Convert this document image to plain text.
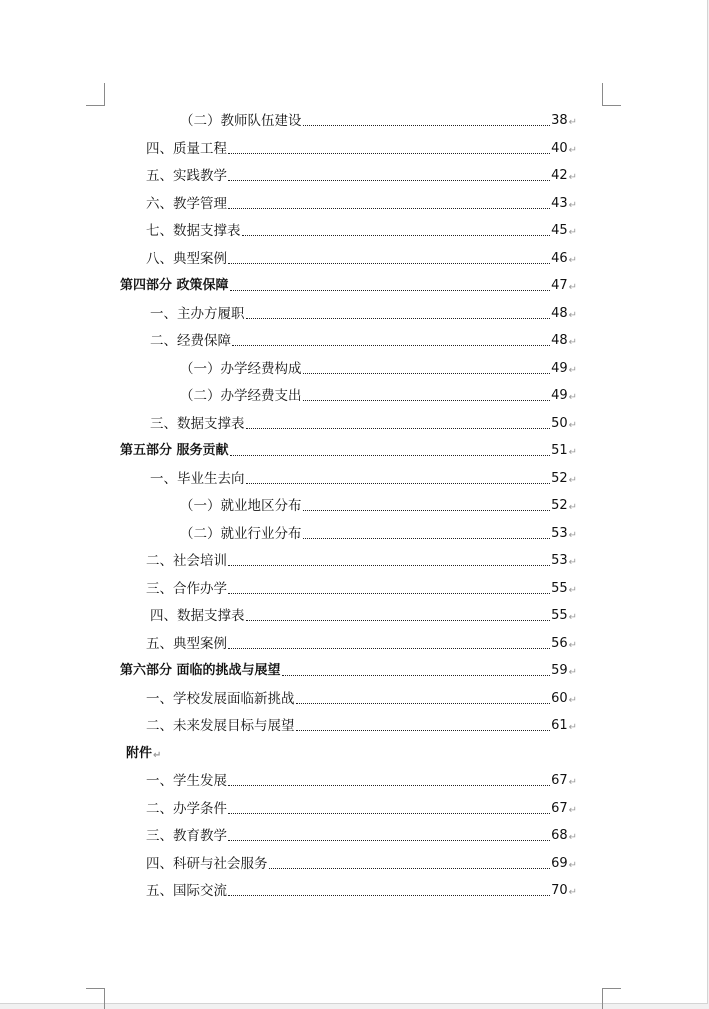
（二）教师队伍建设	38 ↵
四、质量工程	40 ↵
五、实践教学	42 ↵
六、教学管理	43 ↵
七、数据支撑表	45 ↵
八、典型案例	46 ↵
第四部分 政策保障	47 ↵
一、主办方履职	48 ↵
二、经费保障	48 ↵
（一）办学经费构成	49 ↵
（二）办学经费支出	49 ↵
三、数据支撑表	50 ↵
第五部分 服务贡献	51 ↵
一、毕业生去向	52 ↵
（一）就业地区分布	52 ↵
（二）就业行业分布	53 ↵
二、社会培训	53 ↵
三、合作办学	55 ↵
四、数据支撑表	55 ↵
五、典型案例	56 ↵
第六部分 面临的挑战与展望	59 ↵
一、学校发展面临新挑战	60 ↵
二、未来发展目标与展望	61 ↵
附件 ↵
一、学生发展	67 ↵
二、办学条件	67 ↵
三、教育教学	68 ↵
四、科研与社会服务	69 ↵
五、国际交流	70 ↵
